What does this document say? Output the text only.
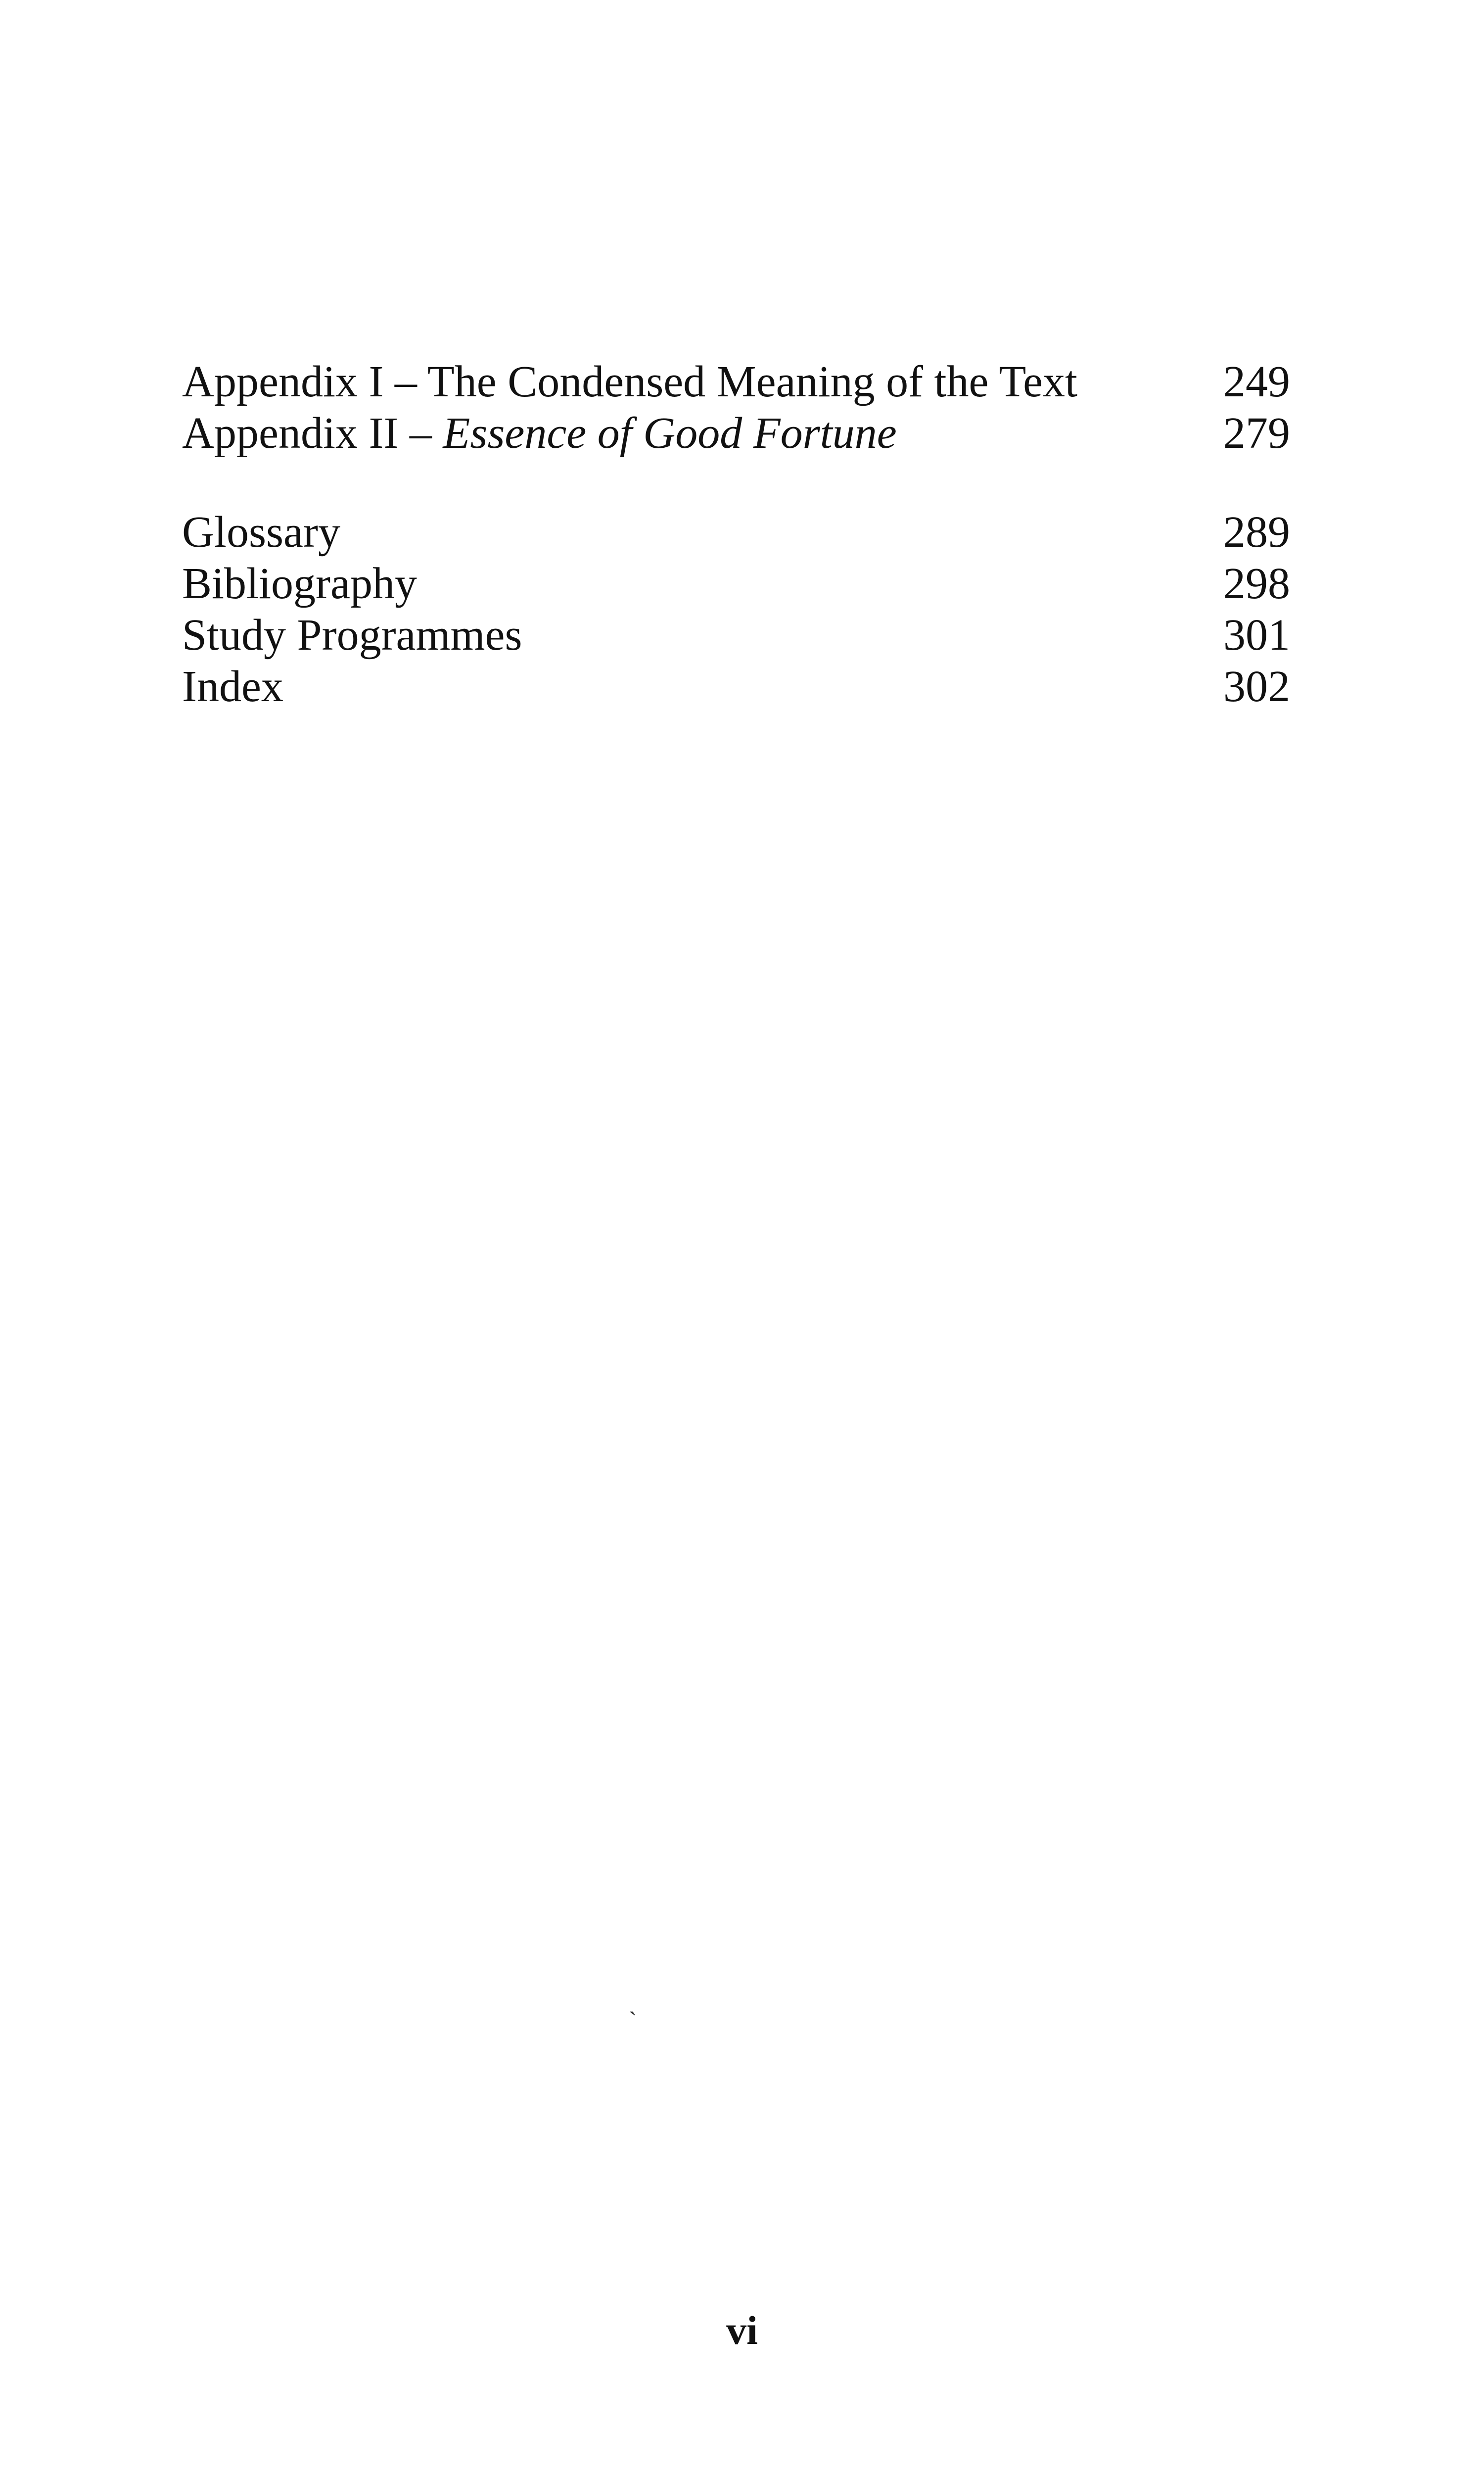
Appendix I – The Condensed Meaning of the Text	249
Appendix II – Essence of Good Fortune	279
Glossary	289
Bibliography	298
Study Programmes	301
Index	302
ˏ
vi
